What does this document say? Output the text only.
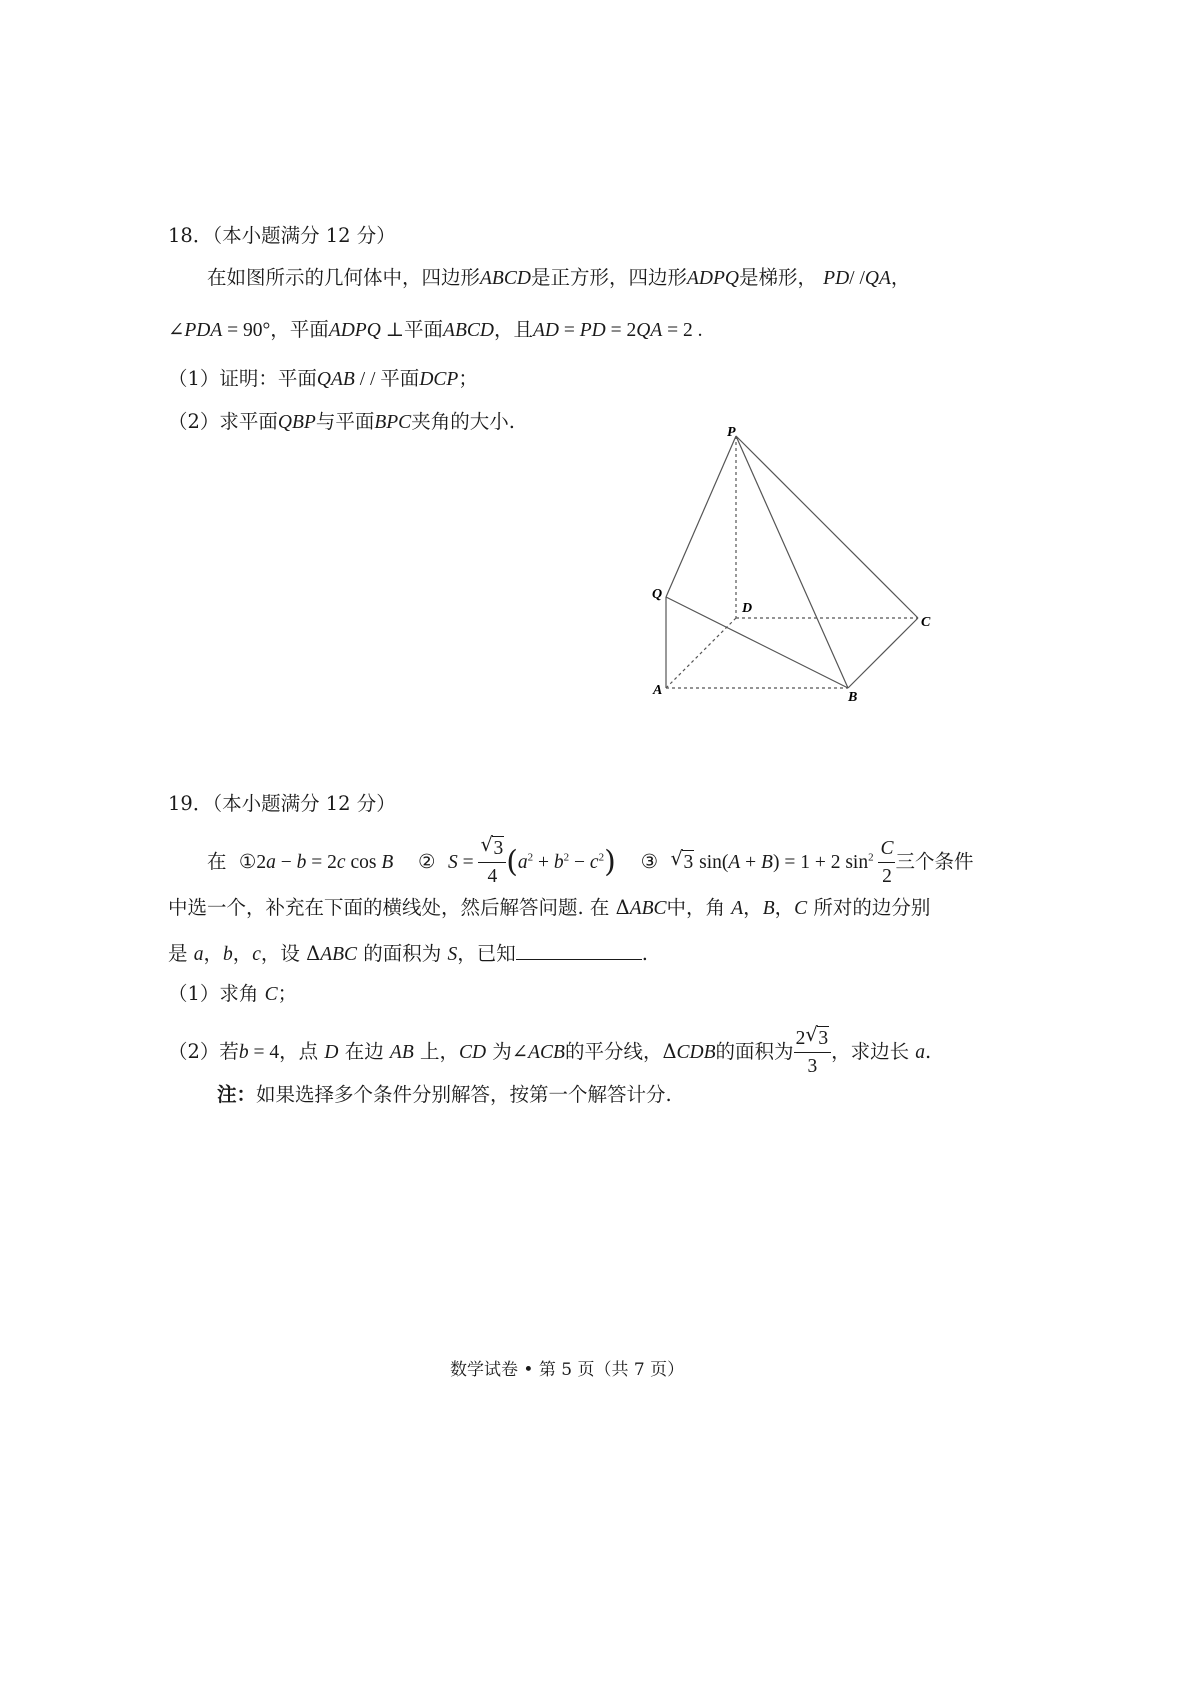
18．（本小题满分 12 分）
在如图所示的几何体中，四边形ABCD是正方形，四边形ADPQ是梯形， PD/ /QA，
∠PDA = 90°，平面ADPQ ⊥平面ABCD，且AD = PD = 2QA = 2 .
（1）证明：平面QAB / / 平面DCP；
（2）求平面QBP与平面BPC夹角的大小.	P
Q
D
C
A	B
19．（本小题满分 12 分）
在 ①2a − b = 2c cos B ② $S = \frac{√ 3}{4} (a^2 + b^2 - c^2)$ ③ √ 3 sin(A + B) = 1 + 2 $\sin^2 \frac{C}{2}$ 三个条件
中选一个，补充在下面的横线处，然后解答问题. 在 ΔABC中，角 A，B，C 所对的边分别
是 a，b，c，设 ΔABC 的面积为 S，已知	.
（1）求角 C；
（2）若b = 4，点 D 在边 AB 上，CD 为∠ACB的平分线，ΔCDB的面积为 $\frac{2 √ 3}{3}$ ，求边长 a.
注：如果选择多个条件分别解答，按第一个解答计分.
数学试卷 • 第 5 页（共 7 页）
